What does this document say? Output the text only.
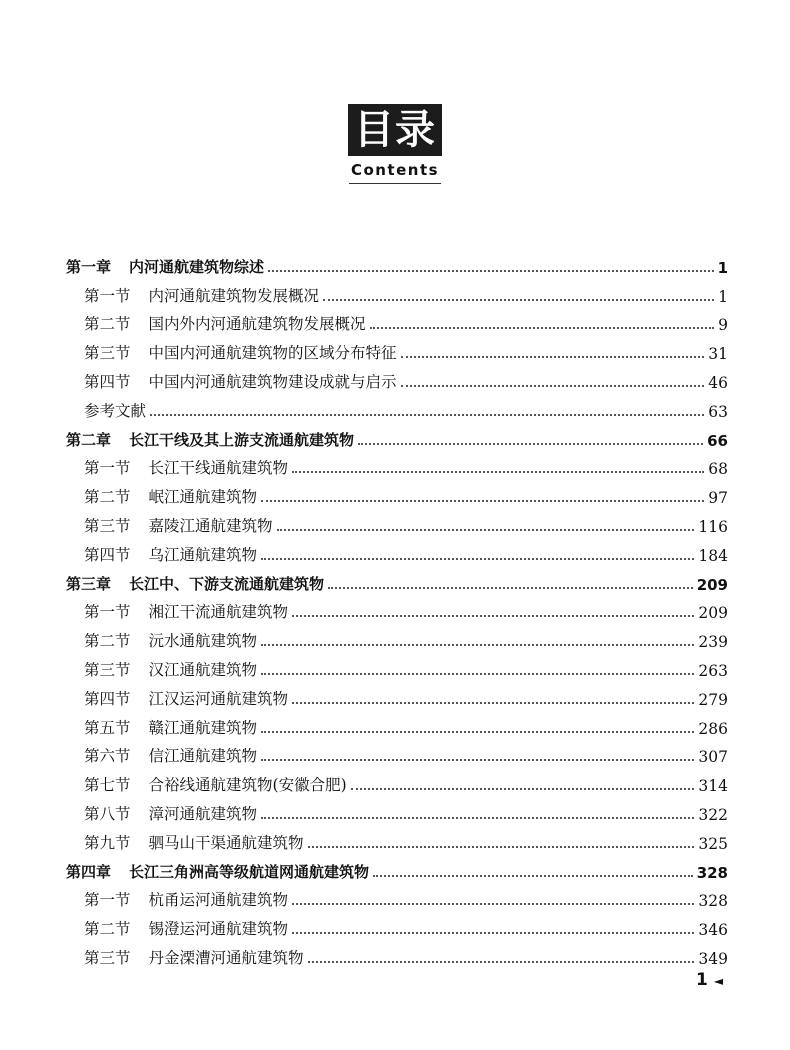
目录
Contents
第一章 内河通航建筑物综述	1
第一节 内河通航建筑物发展概况	1
第二节 国内外内河通航建筑物发展概况	9
第三节 中国内河通航建筑物的区域分布特征	31
第四节 中国内河通航建筑物建设成就与启示	46
参考文献	63
第二章 长江干线及其上游支流通航建筑物	66
第一节 长江干线通航建筑物	68
第二节 岷江通航建筑物	97
第三节 嘉陵江通航建筑物	116
第四节 乌江通航建筑物	184
第三章 长江中、下游支流通航建筑物	209
第一节 湘江干流通航建筑物	209
第二节 沅水通航建筑物	239
第三节 汉江通航建筑物	263
第四节 江汉运河通航建筑物	279
第五节 赣江通航建筑物	286
第六节 信江通航建筑物	307
第七节 合裕线通航建筑物(安徽合肥)	314
第八节 漳河通航建筑物	322
第九节 驷马山干渠通航建筑物	325
第四章 长江三角洲高等级航道网通航建筑物	328
第一节 杭甬运河通航建筑物	328
第二节 锡澄运河通航建筑物	346
第三节 丹金溧漕河通航建筑物	349
1 ◄
